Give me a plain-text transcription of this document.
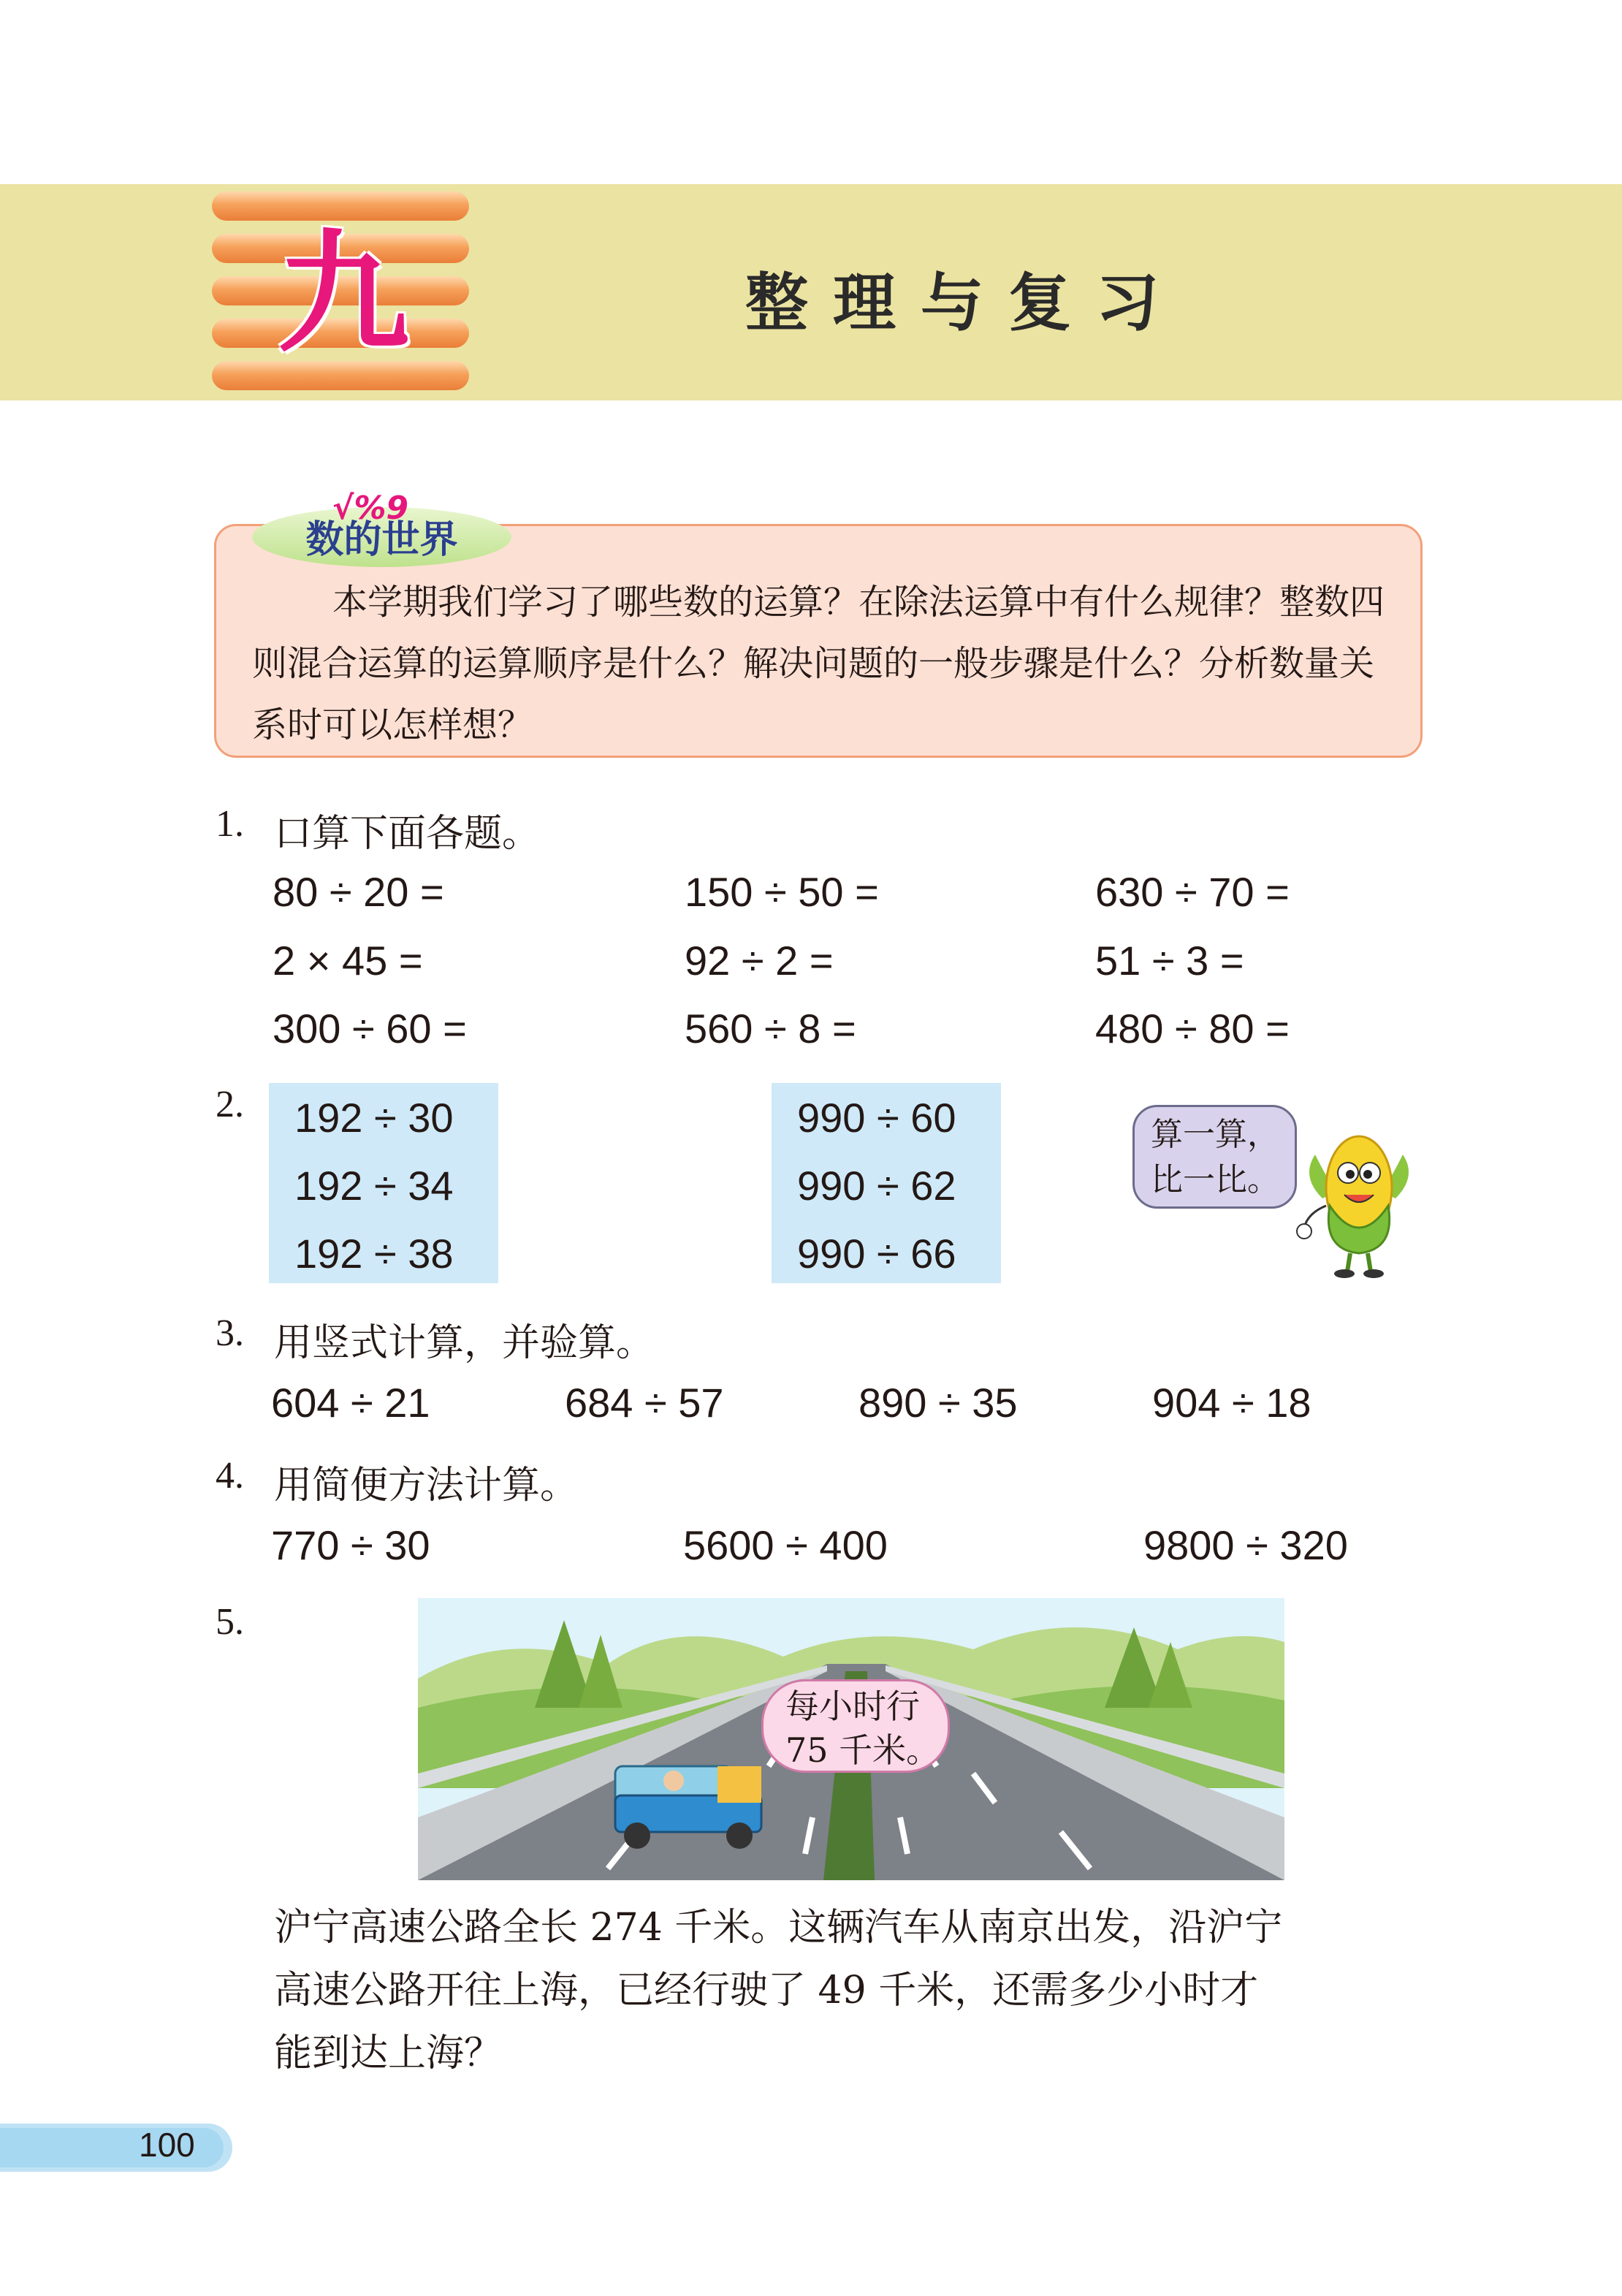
九	整理与复习
√%9
数的世界
本学期我们学习了哪些数的运算？在除法运算中有什么规律？整数四则混合运算的运算顺序是什么？解决问题的一般步骤是什么？分析数量关系时可以怎样想？
1. 口算下面各题。
80 ÷ 20 =	150 ÷ 50 =	630 ÷ 70 =
2 × 45 =	92 ÷ 2 =	51 ÷ 3 =
300 ÷ 60 =	560 ÷ 8 =	480 ÷ 80 =
2. 192 ÷ 30
192 ÷ 34
192 ÷ 38
990 ÷ 60
990 ÷ 62
990 ÷ 66
算一算，
比一比。
3. 用竖式计算，并验算。
604 ÷ 21	684 ÷ 57	890 ÷ 35	904 ÷ 18
4. 用简便方法计算。
770 ÷ 30	5600 ÷ 400	9800 ÷ 320
5.
每小时行
75 千米。
沪宁高速公路全长 274 千米。这辆汽车从南京出发，沿沪宁
高速公路开往上海，已经行驶了 49 千米，还需多少小时才
能到达上海？
100
